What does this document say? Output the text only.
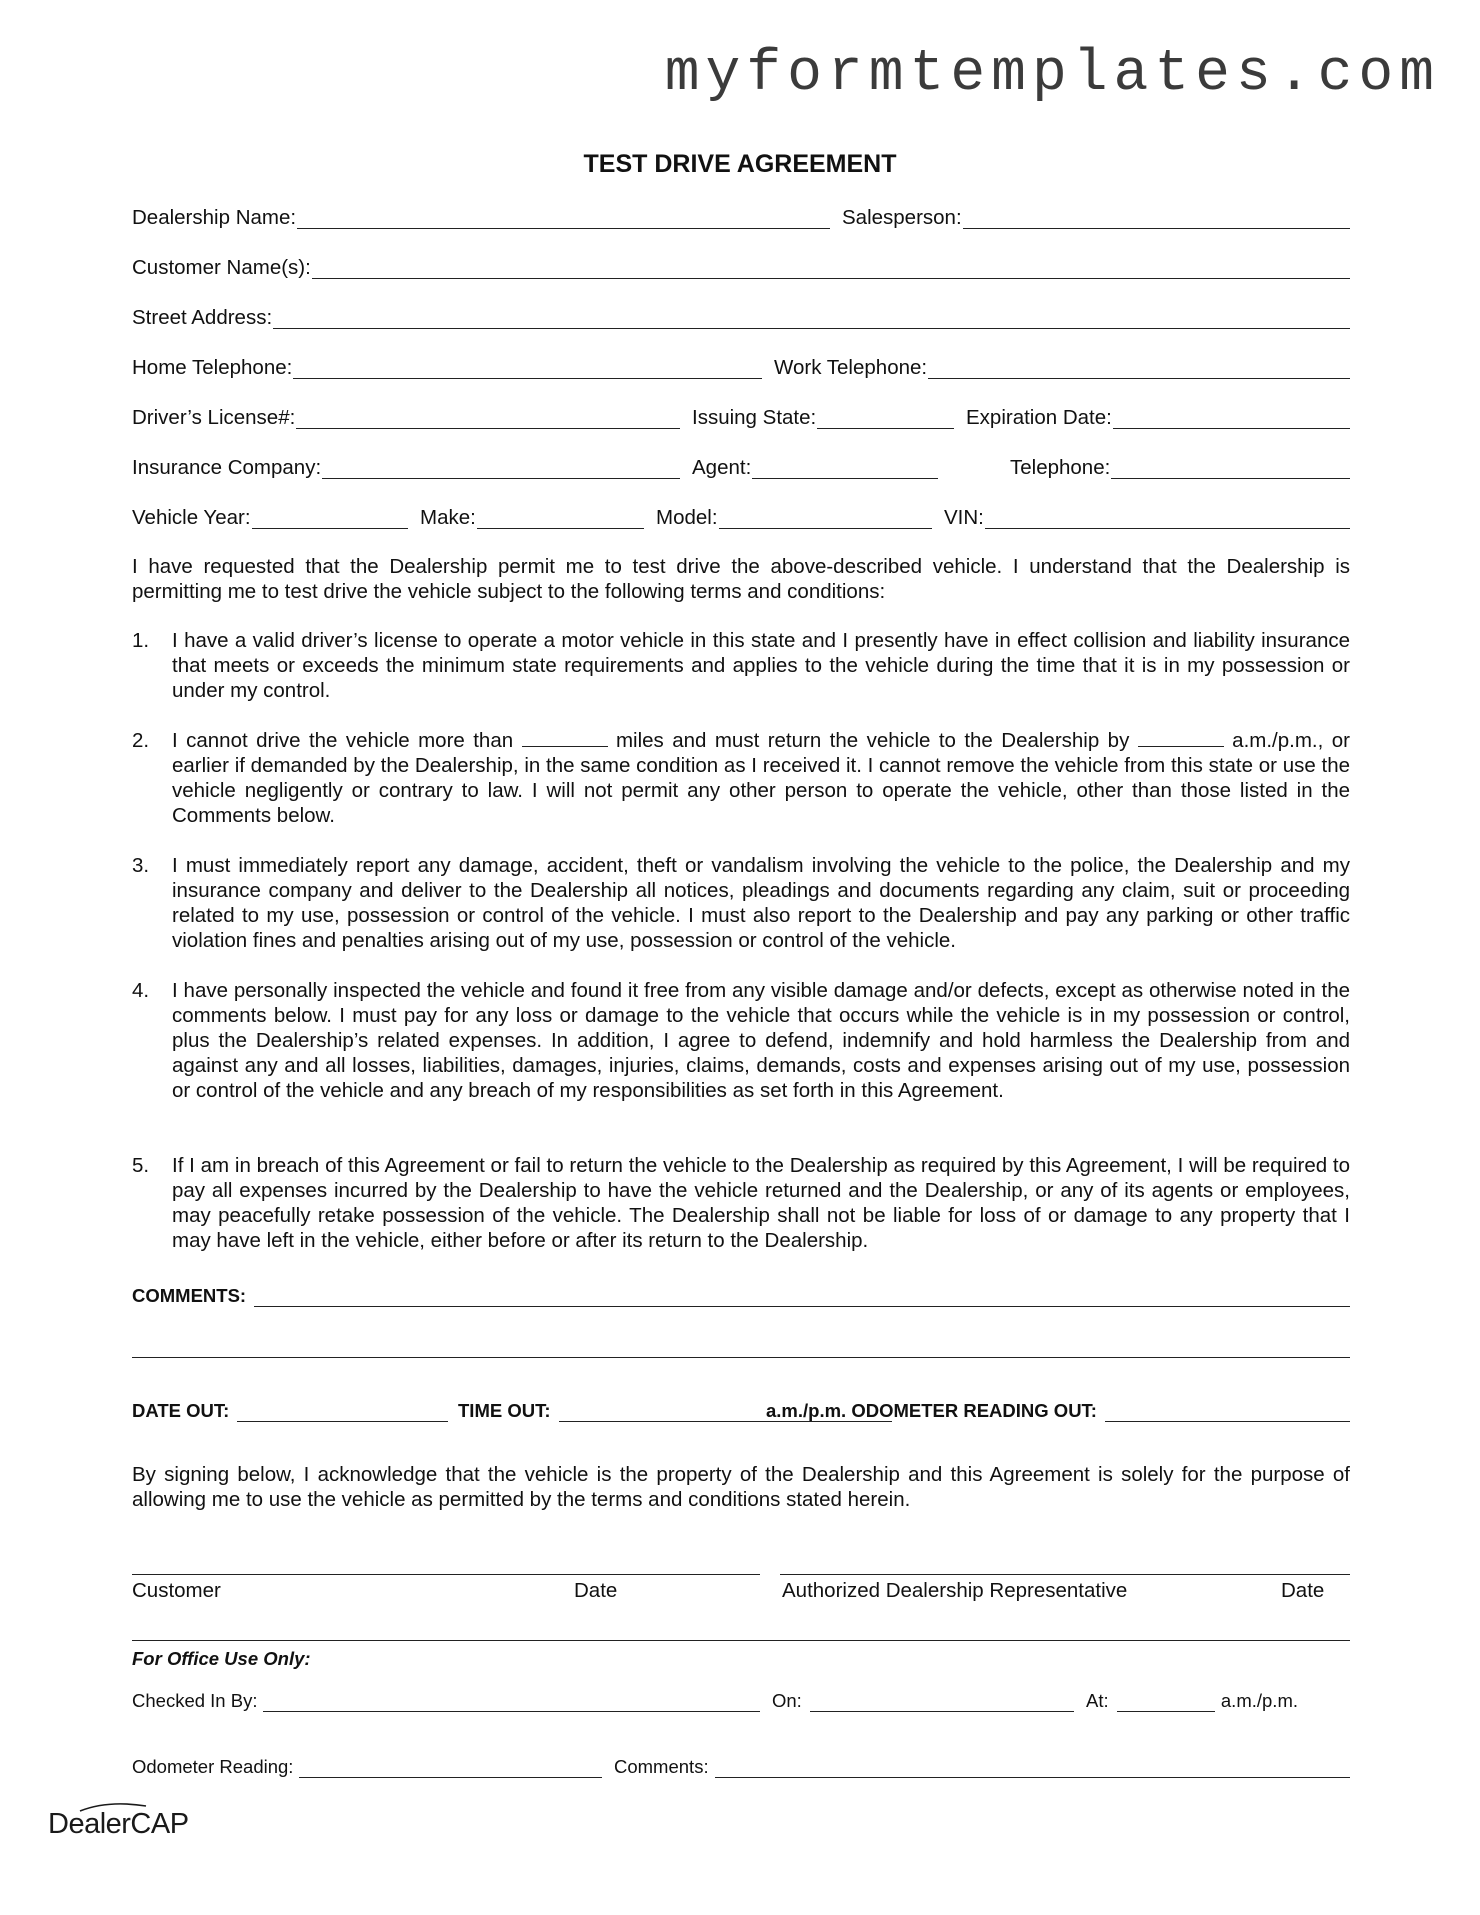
myformtemplates.com
TEST DRIVE AGREEMENT
Dealership Name:	Salesperson:
Customer Name(s):
Street Address:
Home Telephone:	Work Telephone:
Driver’s License#:	Issuing State:	Expiration Date:
Insurance Company:	Agent:	Telephone:
Vehicle Year:	Make:	Model:	VIN:
I have requested that the Dealership permit me to test drive the above-described vehicle. I understand that the Dealership is permitting me to test drive the vehicle subject to the following terms and conditions:
1.	I have a valid driver’s license to operate a motor vehicle in this state and I presently have in effect collision and liability insurance that meets or exceeds the minimum state requirements and applies to the vehicle during the time that it is in my possession or under my control.
2.	I cannot drive the vehicle more than	miles and must return the vehicle to the Dealership by	a.m./p.m., or earlier if demanded by the Dealership, in the same condition as I received it. I cannot remove the vehicle from this state or use the vehicle negligently or contrary to law. I will not permit any other person to operate the vehicle, other than those listed in the Comments below.
3.	I must immediately report any damage, accident, theft or vandalism involving the vehicle to the police, the Dealership and my insurance company and deliver to the Dealership all notices, pleadings and documents regarding any claim, suit or proceeding related to my use, possession or control of the vehicle. I must also report to the Dealership and pay any parking or other traffic violation fines and penalties arising out of my use, possession or control of the vehicle.
4.	I have personally inspected the vehicle and found it free from any visible damage and/or defects, except as otherwise noted in the comments below. I must pay for any loss or damage to the vehicle that occurs while the vehicle is in my possession or control, plus the Dealership’s related expenses. In addition, I agree to defend, indemnify and hold harmless the Dealership from and against any and all losses, liabilities, damages, injuries, claims, demands, costs and expenses arising out of my use, possession or control of the vehicle and any breach of my responsibilities as set forth in this Agreement.
5.	If I am in breach of this Agreement or fail to return the vehicle to the Dealership as required by this Agreement, I will be required to pay all expenses incurred by the Dealership to have the vehicle returned and the Dealership, or any of its agents or employees, may peacefully retake possession of the vehicle. The Dealership shall not be liable for loss of or damage to any property that I may have left in the vehicle, either before or after its return to the Dealership.
COMMENTS:
DATE OUT:	TIME OUT:	a.m./p.m. ODOMETER READING OUT:
By signing below, I acknowledge that the vehicle is the property of the Dealership and this Agreement is solely for the purpose of allowing me to use the vehicle as permitted by the terms and conditions stated herein.
Customer	Date	Authorized Dealership Representative	Date
For Office Use Only:
Checked In By:	On:	At:	a.m./p.m.
Odometer Reading:	Comments:
DealerCAP
